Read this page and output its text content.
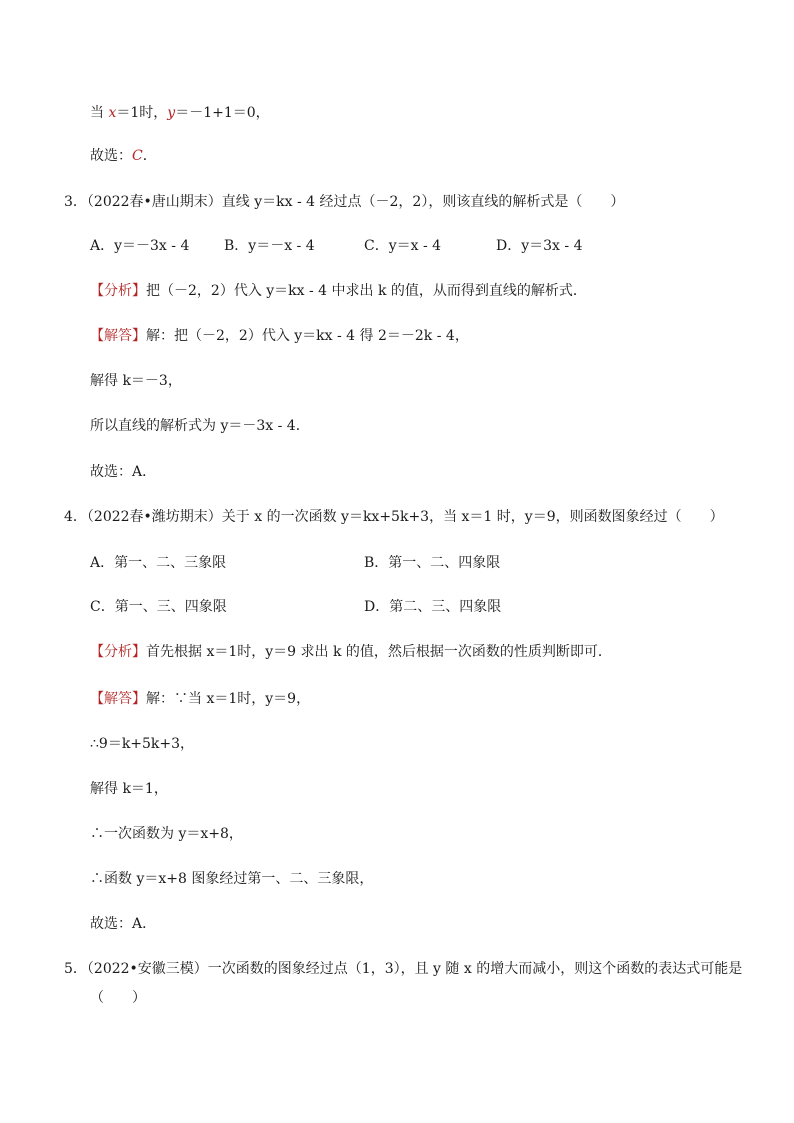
当 x＝1时，y＝－1+1＝0，
故选：C．
3．（2022春•唐山期末）直线 y＝kx - 4 经过点（－2，2），则该直线的解析式是（　　）
A．y＝－3x - 4 B．y＝－x - 4	C．y＝x - 4	D．y＝3x - 4
【分析】把（－2，2）代入 y＝kx - 4 中求出 k 的值，从而得到直线的解析式．
【解答】解：把（－2，2）代入 y＝kx - 4 得 2＝－2k - 4，
解得 k＝－3，
所以直线的解析式为 y＝－3x - 4．
故选：A．
4．（2022春•潍坊期末）关于 x 的一次函数 y＝kx+5k+3，当 x＝1 时，y＝9，则函数图象经过（　　）
A．第一、二、三象限	B．第一、二、四象限
C．第一、三、四象限	D．第二、三、四象限
【分析】首先根据 x＝1时，y＝9 求出 k 的值，然后根据一次函数的性质判断即可．
【解答】解：∵当 x＝1时，y＝9，
∴9＝k+5k+3，
解得 k＝1，
∴一次函数为 y＝x+8，
∴函数 y＝x+8 图象经过第一、二、三象限，
故选：A．
5．（2022•安徽三模）一次函数的图象经过点（1，3），且 y 随 x 的增大而减小，则这个函数的表达式可能是
（　　）
